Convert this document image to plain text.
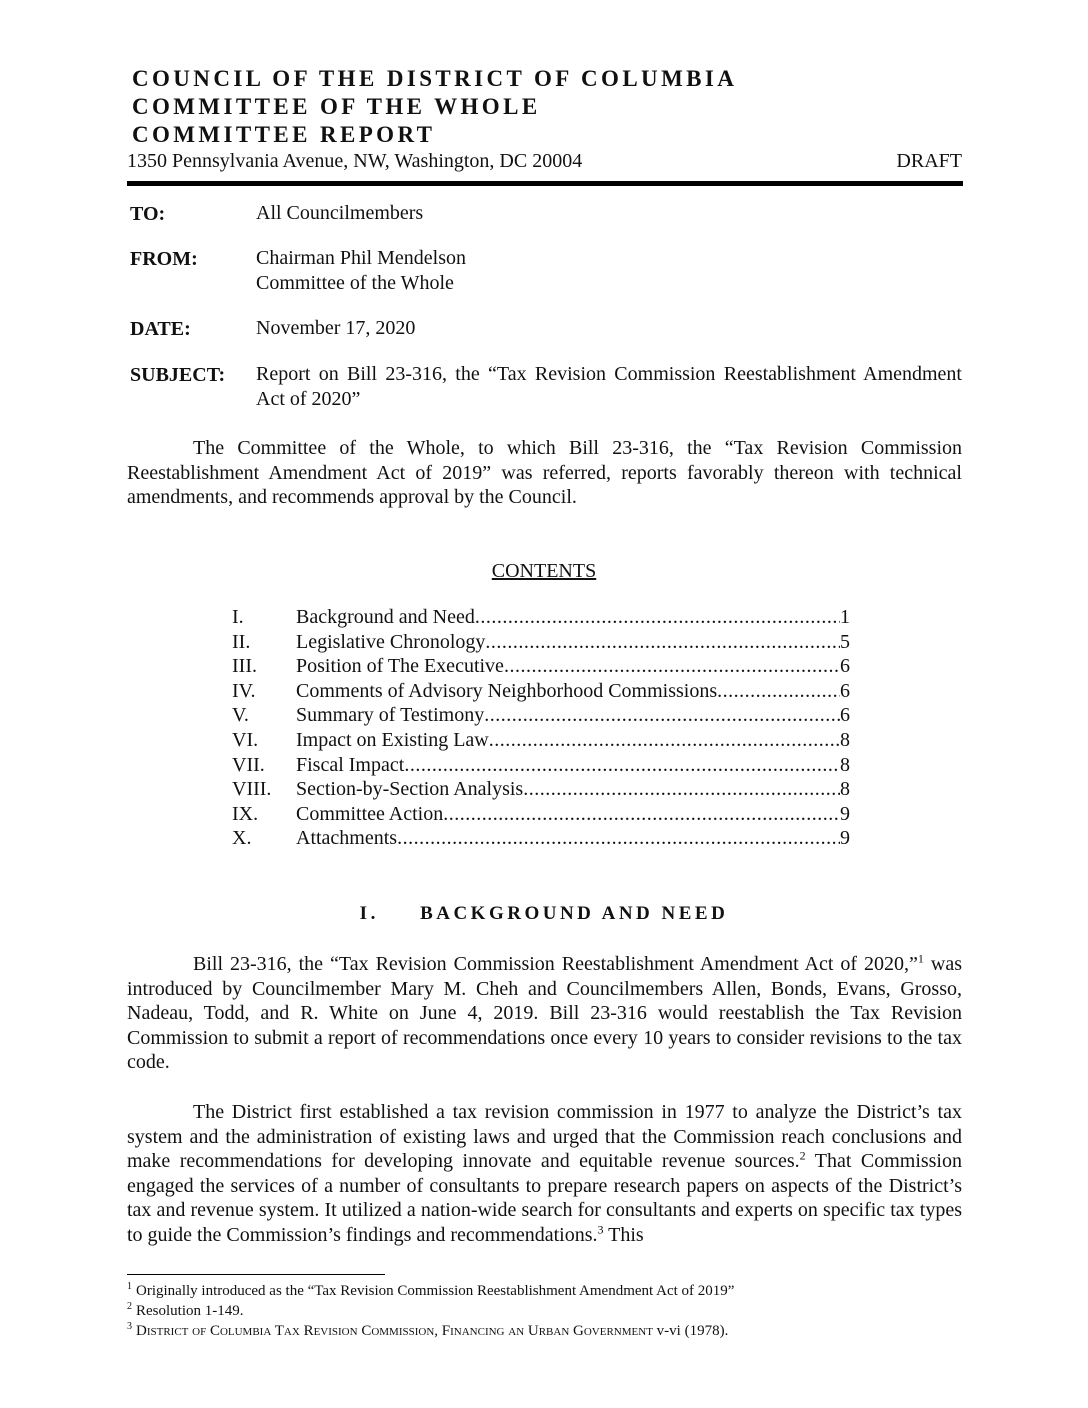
COUNCIL OF THE DISTRICT OF COLUMBIA
COMMITTEE OF THE WHOLE
COMMITTEE REPORT
1350 Pennsylvania Avenue, NW, Washington, DC 20004	DRAFT
TO:	All Councilmembers
FROM:	Chairman Phil Mendelson
Committee of the Whole
DATE:	November 17, 2020
SUBJECT: Report on Bill 23-316, the “Tax Revision Commission Reestablishment Amendment Act of 2020”

The Committee of the Whole, to which Bill 23-316, the “Tax Revision Commission Reestablishment Amendment Act of 2019” was referred, reports favorably thereon with technical amendments, and recommends approval by the Council.

CONTENTS
I.	Background and Need .....	1
II.	Legislative Chronology .....	5
III.	Position of The Executive .....	6
IV.	Comments of Advisory Neighborhood Commissions .....	6
V.	Summary of Testimony .....	6
VI.	Impact on Existing Law .....	8
VII.	Fiscal Impact .....	8
VIII.	Section-by-Section Analysis .....	8
IX.	Committee Action .....	9
X.	Attachments .....	9
I.     BACKGROUND AND NEED

Bill 23-316, the “Tax Revision Commission Reestablishment Amendment Act of 2020,”$^1$ was introduced by Councilmember Mary M. Cheh and Councilmembers Allen, Bonds, Evans, Grosso, Nadeau, Todd, and R. White on June 4, 2019. Bill 23-316 would reestablish the Tax Revision Commission to submit a report of recommendations once every 10 years to consider revisions to the tax code.

The District first established a tax revision commission in 1977 to analyze the District’s tax system and the administration of existing laws and urged that the Commission reach conclusions and make recommendations for developing innovate and equitable revenue sources.$^2$ That Commission engaged the services of a number of consultants to prepare research papers on aspects of the District’s tax and revenue system. It utilized a nation-wide search for consultants and experts on specific tax types to guide the Commission’s findings and recommendations.$^3$ This

$^1$ Originally introduced as the “Tax Revision Commission Reestablishment Amendment Act of 2019”
$^2$ Resolution 1-149.
$^3$ District of Columbia Tax Revision Commission, Financing an Urban Government v-vi (1978).
